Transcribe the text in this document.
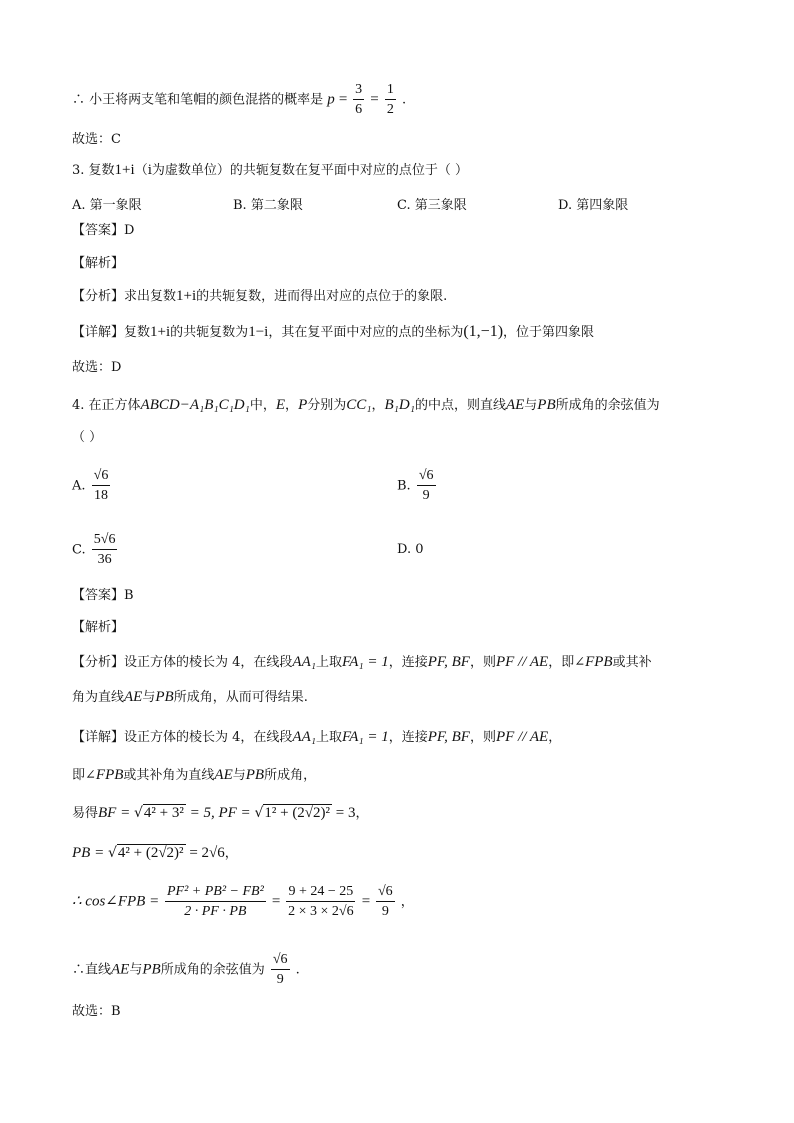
∴ 小王将两支笔和笔帽的颜色混搭的概率是 $p = \frac{3}{6} = \frac{1}{2}$ .
故选：C
3. 复数1+i（i为虚数单位）的共轭复数在复平面中对应的点位于（ ）
A. 第一象限	B. 第二象限	C. 第三象限	D. 第四象限
【答案】D
【解析】
【分析】求出复数1+i的共轭复数，进而得出对应的点位于的象限.
【详解】复数1+i的共轭复数为1−i，其在复平面中对应的点的坐标为(1,−1)，位于第四象限
故选：D
4. 在正方体ABCD−A₁B₁C₁D₁中，E，P分别为CC₁，B₁D₁的中点，则直线AE与PB所成角的余弦值为
（ ）
A. $\frac{√6}{18}$	B. $\frac{√6}{9}$
C. $\frac{5√6}{36}$	D. 0
【答案】B
【解析】
【分析】设正方体的棱长为 4，在线段AA₁上取FA₁ = 1，连接PF, BF，则PF // AE，即∠FPB或其补
角为直线AE与PB所成角，从而可得结果.
【详解】设正方体的棱长为 4，在线段AA₁上取FA₁ = 1，连接PF, BF，则PF // AE，
即∠FPB或其补角为直线AE与PB所成角，
易得BF = √4² + 3² = 5, PF = √1² + (2√2)² = 3，
PB = √4² + (2√2)² = 2√6，
∴ cos∠FPB = $\frac{\text{PF² + PB² − FB²}}{2 \cdot PF \cdot PB} = \frac{9 + 24 - 25}{2 \times 3 \times 2√6} = \frac{√6}{9}$ ，
∴直线AE与PB所成角的余弦值为 $\frac{√6}{9}$ .
故选：B
